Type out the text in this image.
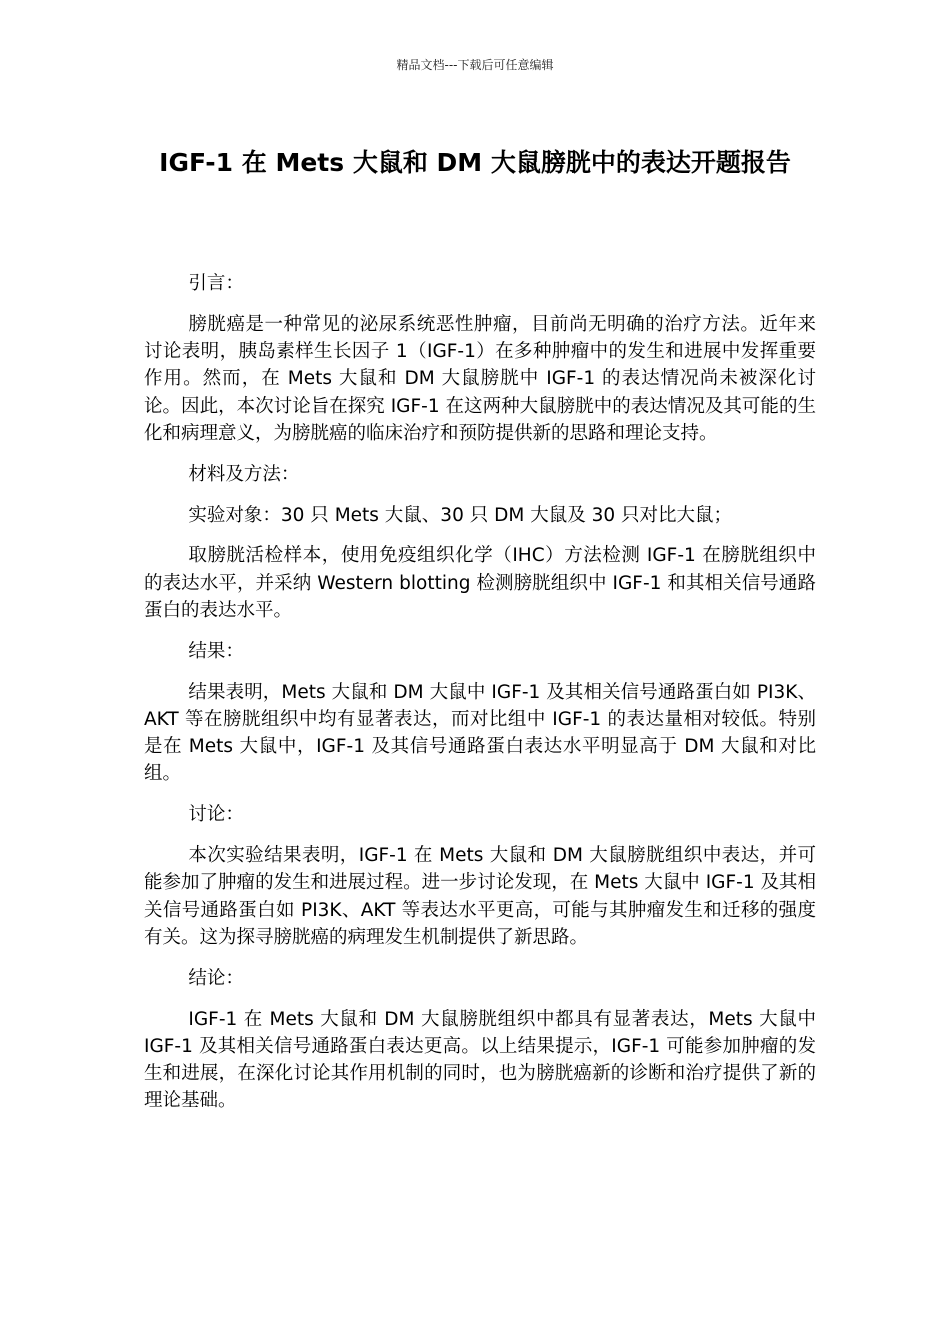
精品文档---下载后可任意编辑
IGF-1 在 Mets 大鼠和 DM 大鼠膀胱中的表达开题报告

引言：

膀胱癌是一种常见的泌尿系统恶性肿瘤，目前尚无明确的治疗方法。近年来讨论表明，胰岛素样生长因子 1（IGF-1）在多种肿瘤中的发生和进展中发挥重要作用。然而，在 Mets 大鼠和 DM 大鼠膀胱中 IGF-1 的表达情况尚未被深化讨论。因此，本次讨论旨在探究 IGF-1 在这两种大鼠膀胱中的表达情况及其可能的生化和病理意义，为膀胱癌的临床治疗和预防提供新的思路和理论支持。

材料及方法：

实验对象：30 只 Mets 大鼠、30 只 DM 大鼠及 30 只对比大鼠；

取膀胱活检样本，使用免疫组织化学（IHC）方法检测 IGF-1 在膀胱组织中的表达水平，并采纳 Western blotting 检测膀胱组织中 IGF-1 和其相关信号通路蛋白的表达水平。

结果：

结果表明，Mets 大鼠和 DM 大鼠中 IGF-1 及其相关信号通路蛋白如 PI3K、AKT 等在膀胱组织中均有显著表达，而对比组中 IGF-1 的表达量相对较低。特别是在 Mets 大鼠中，IGF-1 及其信号通路蛋白表达水平明显高于 DM 大鼠和对比组。

讨论：

本次实验结果表明，IGF-1 在 Mets 大鼠和 DM 大鼠膀胱组织中表达，并可能参加了肿瘤的发生和进展过程。进一步讨论发现，在 Mets 大鼠中 IGF-1 及其相关信号通路蛋白如 PI3K、AKT 等表达水平更高，可能与其肿瘤发生和迁移的强度有关。这为探寻膀胱癌的病理发生机制提供了新思路。

结论：

IGF-1 在 Mets 大鼠和 DM 大鼠膀胱组织中都具有显著表达，Mets 大鼠中 IGF-1 及其相关信号通路蛋白表达更高。以上结果提示，IGF-1 可能参加肿瘤的发生和进展，在深化讨论其作用机制的同时，也为膀胱癌新的诊断和治疗提供了新的理论基础。
